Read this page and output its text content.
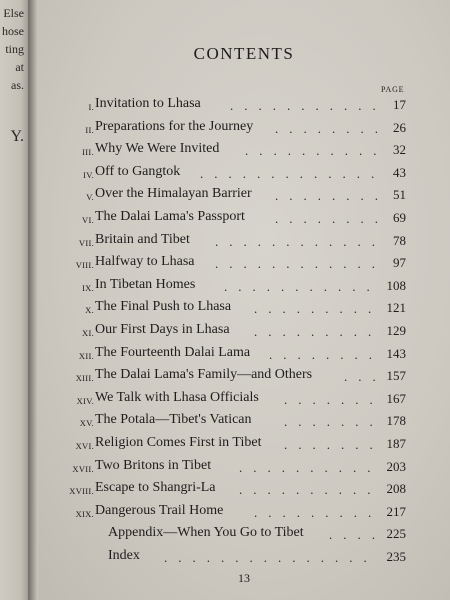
Else
hose
ting
at
as.
Y.
CONTENTS
PAGE
I. Invitation to Lhasa ........... 17
II. Preparations for the Journey ........ 26
III. Why We Were Invited .......... 32
IV. Off to Gangtok ............. 43
V. Over the Himalayan Barrier ........ 51
VI. The Dalai Lama's Passport ........ 69
VII. Britain and Tibet ............ 78
VIII. Halfway to Lhasa ............ 97
IX. In Tibetan Homes ........... 108
X. The Final Push to Lhasa ......... 121
XI. Our First Days in Lhasa ......... 129
XII. The Fourteenth Dalai Lama ........ 143
XIII. The Dalai Lama's Family—and Others ... 157
XIV. We Talk with Lhasa Officials ....... 167
XV. The Potala—Tibet's Vatican ....... 178
XVI. Religion Comes First in Tibet ....... 187
XVII. Two Britons in Tibet .......... 203
XVIII. Escape to Shangri-La .......... 208
XIX. Dangerous Trail Home ......... 217
Appendix—When You Go to Tibet .... 225
Index ............... 235
13
